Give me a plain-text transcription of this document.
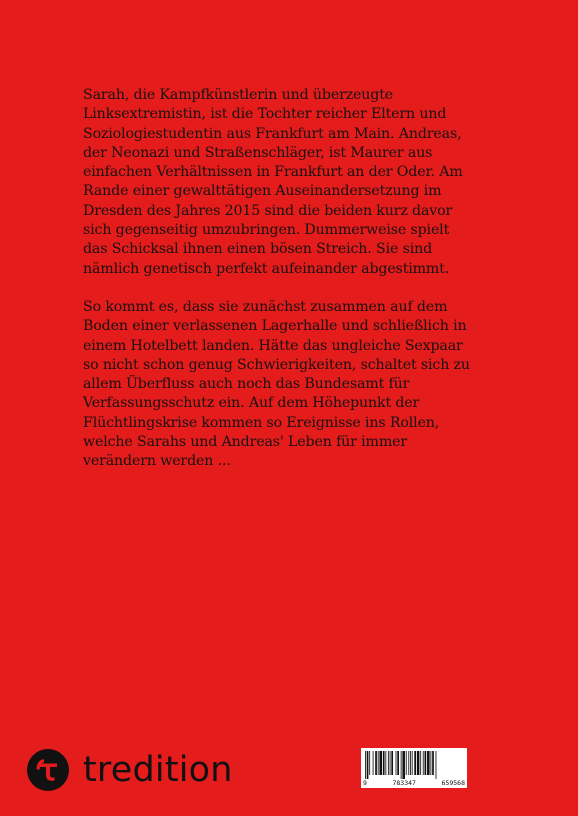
Sarah, die Kampfkünstlerin und überzeugte
Linksextremistin, ist die Tochter reicher Eltern und
Soziologiestudentin aus Frankfurt am Main. Andreas,
der Neonazi und Straßenschläger, ist Maurer aus
einfachen Verhältnissen in Frankfurt an der Oder. Am
Rande einer gewalttätigen Auseinandersetzung im
Dresden des Jahres 2015 sind die beiden kurz davor
sich gegenseitig umzubringen. Dummerweise spielt
das Schicksal ihnen einen bösen Streich. Sie sind
nämlich genetisch perfekt aufeinander abgestimmt.

So kommt es, dass sie zunächst zusammen auf dem
Boden einer verlassenen Lagerhalle und schließlich in
einem Hotelbett landen. Hätte das ungleiche Sexpaar
so nicht schon genug Schwierigkeiten, schaltet sich zu
allem Überfluss auch noch das Bundesamt für
Verfassungsschutz ein. Auf dem Höhepunkt der
Flüchtlingskrise kommen so Ereignisse ins Rollen,
welche Sarahs und Andreas' Leben für immer
verändern werden ...

tredition	9	783347	659568
